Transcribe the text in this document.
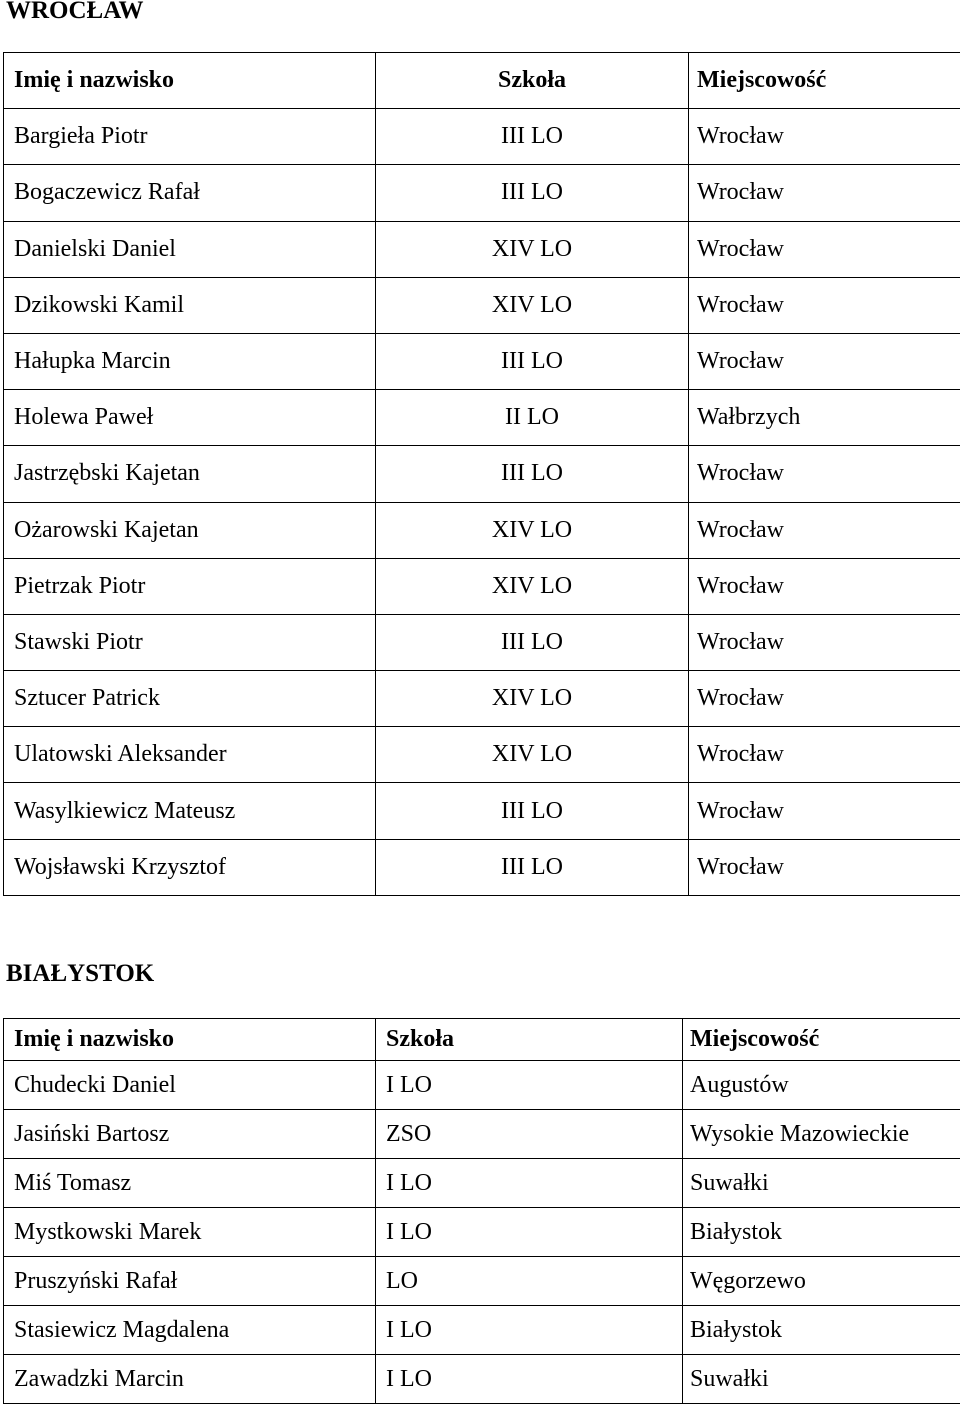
WROCŁAW
Imię i nazwisko	Szkoła	Miejscowość
Bargieła Piotr	III LO	Wrocław
Bogaczewicz Rafał	III LO	Wrocław
Danielski Daniel	XIV LO	Wrocław
Dzikowski Kamil	XIV LO	Wrocław
Hałupka Marcin	III LO	Wrocław
Holewa Paweł	II LO	Wałbrzych
Jastrzębski Kajetan	III LO	Wrocław
Ożarowski Kajetan	XIV LO	Wrocław
Pietrzak Piotr	XIV LO	Wrocław
Stawski Piotr	III LO	Wrocław
Sztucer Patrick	XIV LO	Wrocław
Ulatowski Aleksander	XIV LO	Wrocław
Wasylkiewicz Mateusz	III LO	Wrocław
Wojsławski Krzysztof	III LO	Wrocław
BIAŁYSTOK
Imię i nazwisko	Szkoła	Miejscowość
Chudecki Daniel	I LO	Augustów
Jasiński Bartosz	ZSO	Wysokie Mazowieckie
Miś Tomasz	I LO	Suwałki
Mystkowski Marek	I LO	Białystok
Pruszyński Rafał	LO	Węgorzewo
Stasiewicz Magdalena	I LO	Białystok
Zawadzki Marcin	I LO	Suwałki
